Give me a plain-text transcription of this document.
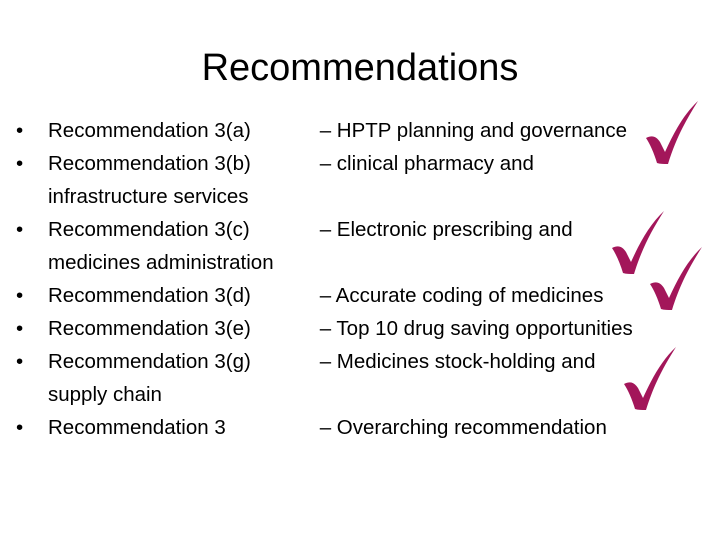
Recommendations
•	Recommendation 3(a)	– HPTP planning and governance
•	Recommendation 3(b)	– clinical pharmacy and
infrastructure services
•	Recommendation 3(c)	– Electronic prescribing and
medicines administration
•	Recommendation 3(d)	– Accurate coding of medicines
•	Recommendation 3(e)	– Top 10 drug saving opportunities
•	Recommendation 3(g)	– Medicines stock-holding and
supply chain
•	Recommendation 3	– Overarching recommendation
